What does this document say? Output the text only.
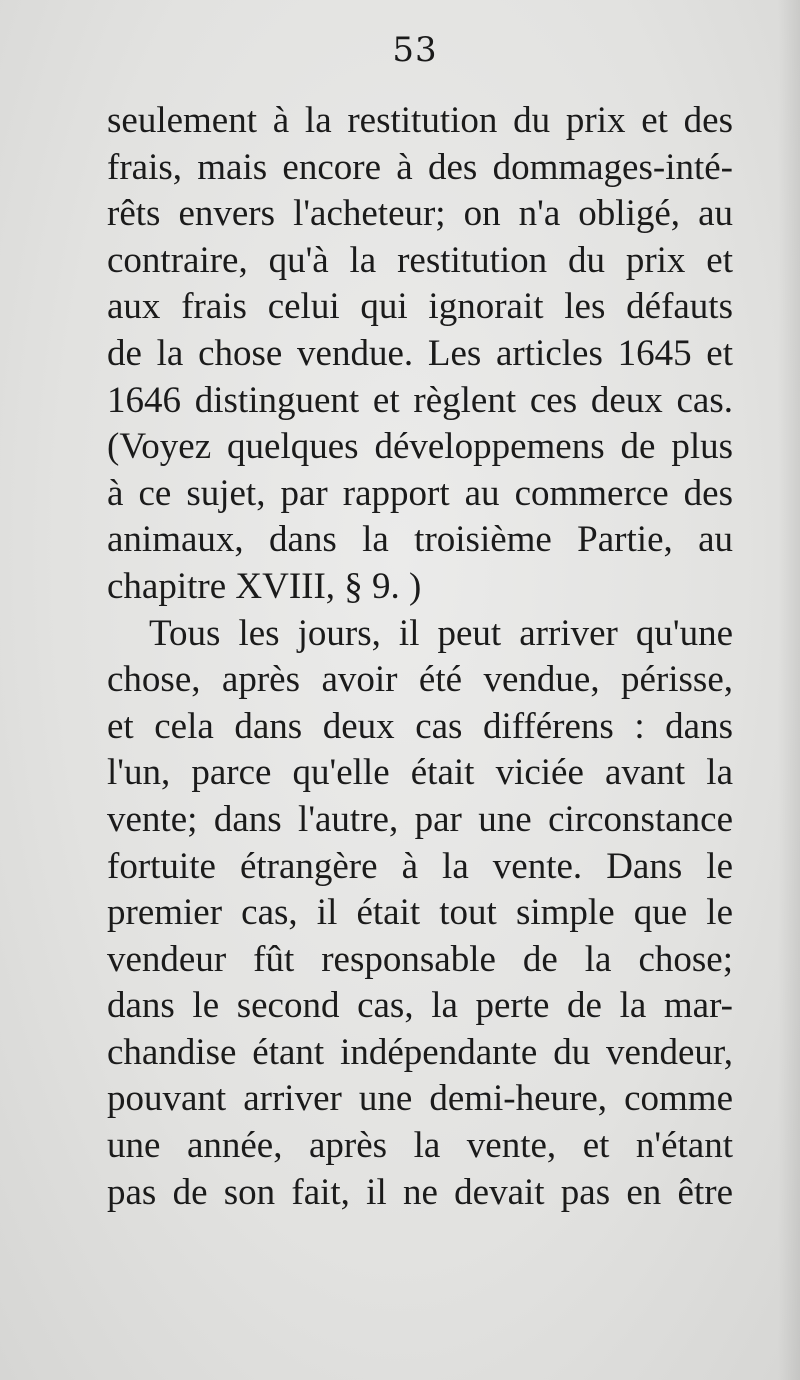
53
seulement à la restitution du prix et des
frais, mais encore à des dommages-inté-
rêts envers l'acheteur; on n'a obligé, au
contraire, qu'à la restitution du prix et
aux frais celui qui ignorait les défauts
de la chose vendue. Les articles 1645 et
1646 distinguent et règlent ces deux cas.
(Voyez quelques développemens de plus
à ce sujet, par rapport au commerce des
animaux, dans la troisième Partie, au
chapitre XVIII, § 9. )
Tous les jours, il peut arriver qu'une
chose, après avoir été vendue, périsse,
et cela dans deux cas différens : dans
l'un, parce qu'elle était viciée avant la
vente; dans l'autre, par une circonstance
fortuite étrangère à la vente. Dans le
premier cas, il était tout simple que le
vendeur fût responsable de la chose;
dans le second cas, la perte de la mar-
chandise étant indépendante du vendeur,
pouvant arriver une demi-heure, comme
une année, après la vente, et n'étant
pas de son fait, il ne devait pas en être
